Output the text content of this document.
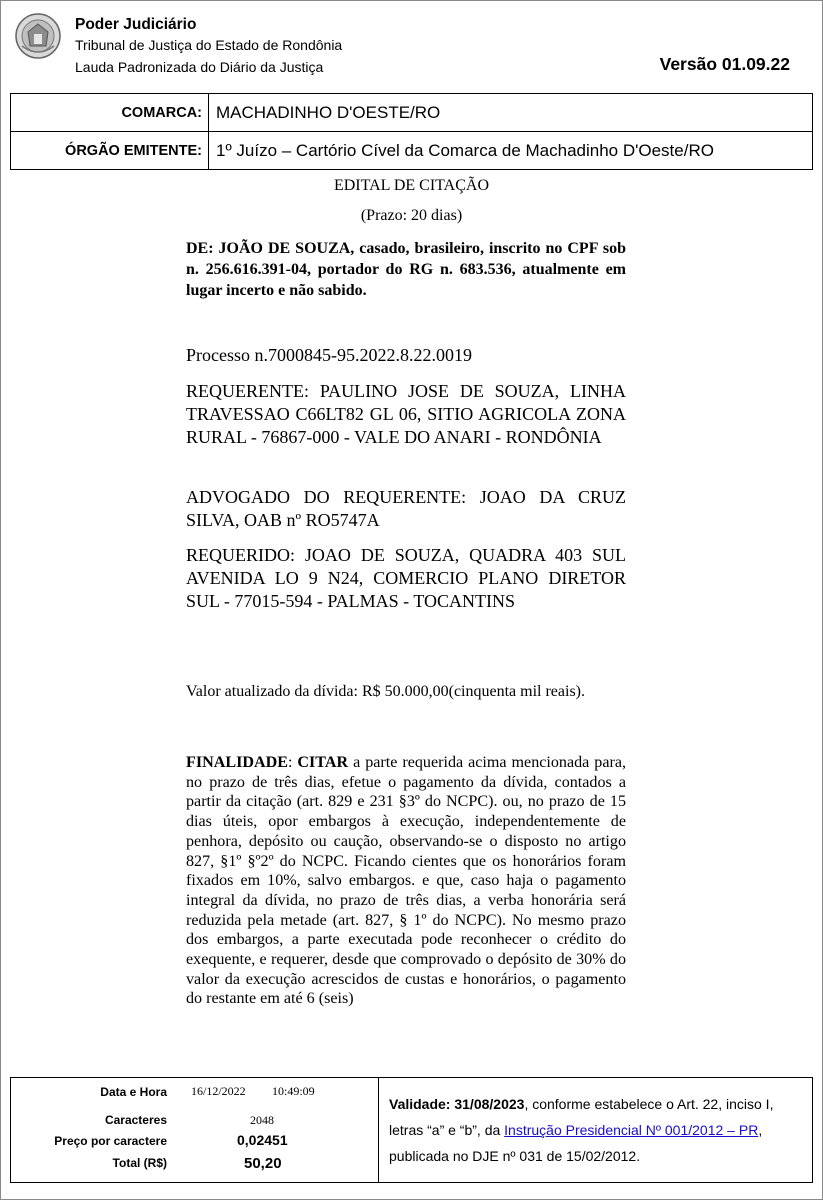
Poder Judiciário
Tribunal de Justiça do Estado de Rondônia
Lauda Padronizada do Diário da Justiça	Versão 01.09.22
COMARCA:	MACHADINHO D'OESTE/RO
ÓRGÃO EMITENTE:	1º Juízo – Cartório Cível da Comarca de Machadinho D'Oeste/RO
EDITAL DE CITAÇÃO
(Prazo: 20 dias)
DE: JOÃO DE SOUZA, casado, brasileiro, inscrito no CPF sob n. 256.616.391-04, portador do RG n. 683.536, atualmente em lugar incerto e não sabido.
Processo n.7000845-95.2022.8.22.0019
REQUERENTE: PAULINO JOSE DE SOUZA, LINHA TRAVESSAO C66LT82 GL 06, SITIO AGRICOLA ZONA RURAL - 76867-000 - VALE DO ANARI - RONDÔNIA
ADVOGADO DO REQUERENTE: JOAO DA CRUZ SILVA, OAB nº RO5747A
REQUERIDO: JOAO DE SOUZA, QUADRA 403 SUL AVENIDA LO 9 N24, COMERCIO PLANO DIRETOR SUL - 77015-594 - PALMAS - TOCANTINS
Valor atualizado da dívida: R$ 50.000,00(cinquenta mil reais).
FINALIDADE: CITAR a parte requerida acima mencionada para, no prazo de três dias, efetue o pagamento da dívida, contados a partir da citação (art. 829 e 231 §3º do NCPC). ou, no prazo de 15 dias úteis, opor embargos à execução, independentemente de penhora, depósito ou caução, observando-se o disposto no artigo 827, §1º §º2º do NCPC. Ficando cientes que os honorários foram fixados em 10%, salvo embargos. e que, caso haja o pagamento integral da dívida, no prazo de três dias, a verba honorária será reduzida pela metade (art. 827, § 1º do NCPC). No mesmo prazo dos embargos, a parte executada pode reconhecer o crédito do exequente, e requerer, desde que comprovado o depósito de 30% do valor da execução acrescidos de custas e honorários, o pagamento do restante em até 6 (seis)
Data e Hora 16/12/2022 10:49:09
Caracteres	2048
Preço por caractere	0,02451
Total (R$)	50,20
Validade: 31/08/2023, conforme estabelece o Art. 22, inciso I, letras “a” e “b”, da Instrução Presidencial Nº 001/2012 – PR, publicada no DJE nº 031 de 15/02/2012.
